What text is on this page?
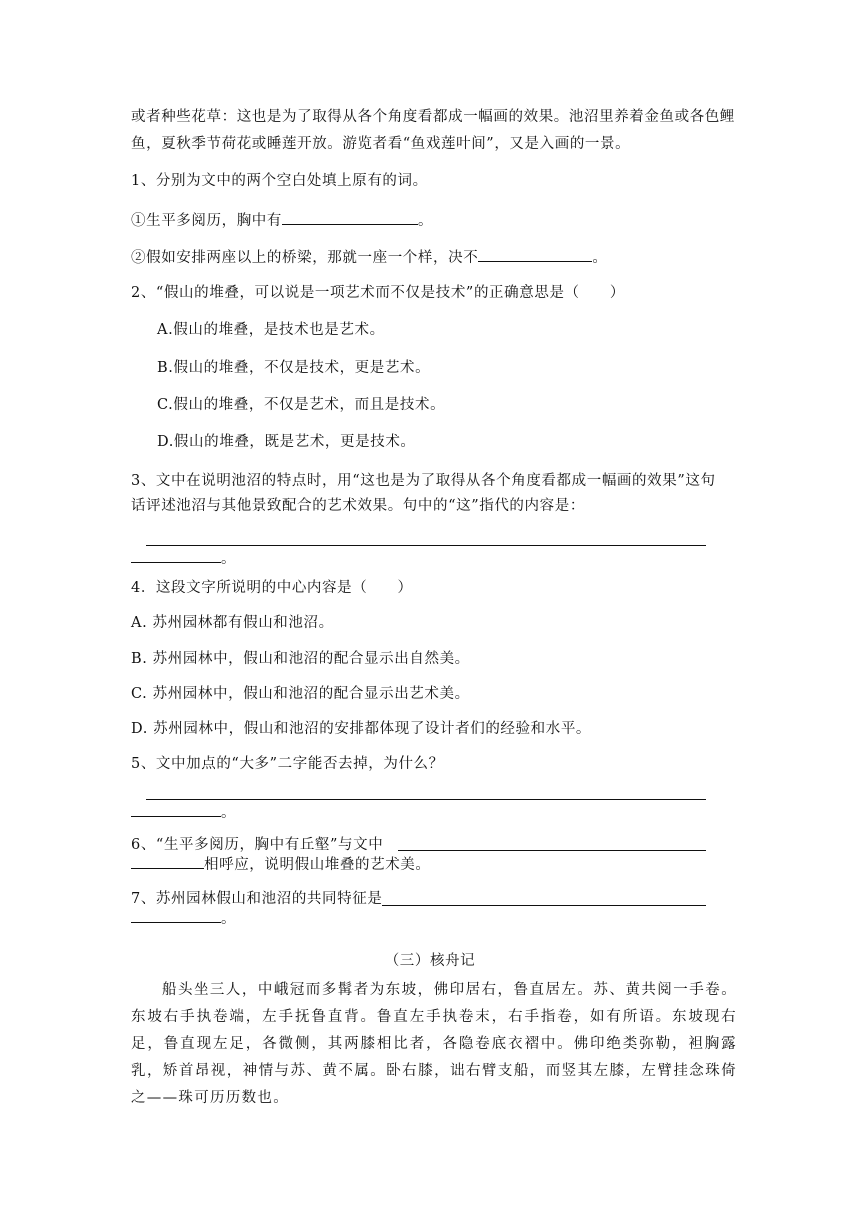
或者种些花草：这也是为了取得从各个角度看都成一幅画的效果。池沼里养着金鱼或各色鲤
鱼，夏秋季节荷花或睡莲开放。游览者看“鱼戏莲叶间”，又是入画的一景。
1、分别为文中的两个空白处填上原有的词。
①生平多阅历，胸中有	。
②假如安排两座以上的桥梁，那就一座一个样，决不	。
2、“假山的堆叠，可以说是一项艺术而不仅是技术”的正确意思是（　　）
A.假山的堆叠，是技术也是艺术。
B.假山的堆叠，不仅是技术，更是艺术。
C.假山的堆叠，不仅是艺术，而且是技术。
D.假山的堆叠，既是艺术，更是技术。
3、文中在说明池沼的特点时，用“这也是为了取得从各个角度看都成一幅画的效果”这句
话评述池沼与其他景致配合的艺术效果。句中的“这”指代的内容是：
。
4．这段文字所说明的中心内容是（　　）
A. 苏州园林都有假山和池沼。
B. 苏州园林中，假山和池沼的配合显示出自然美。
C. 苏州园林中，假山和池沼的配合显示出艺术美。
D. 苏州园林中，假山和池沼的安排都体现了设计者们的经验和水平。
5、文中加点的“大多”二字能否去掉，为什么？
。
6、“生平多阅历，胸中有丘壑”与文中
相呼应，说明假山堆叠的艺术美。
7、苏州园林假山和池沼的共同特征是
。
（三）核舟记
船头坐三人，中峨冠而多髯者为东坡，佛印居右，鲁直居左。苏、黄共阅一手卷。东坡右手执卷端，左手抚鲁直背。鲁直左手执卷末，右手指卷，如有所语。东坡现右足，鲁直现左足，各微侧，其两膝相比者，各隐卷底衣褶中。佛印绝类弥勒，袒胸露乳，矫首昂视，神情与苏、黄不属。卧右膝，诎右臂支船，而竖其左膝，左臂挂念珠倚之——珠可历历数也。
